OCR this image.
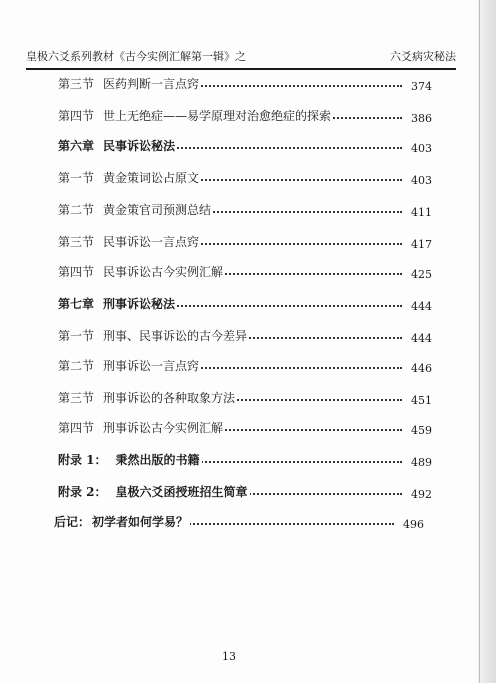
皇极六爻系列教材《古今实例汇解第一辑》之	六爻病灾秘法
第三节 医药判断一言点窍	374
第四节 世上无绝症——易学原理对治愈绝症的探索	386
第六章 民事诉讼秘法	403
第一节 黄金策词讼占原文	403
第二节 黄金策官司预测总结	411
第三节 民事诉讼一言点窍	417
第四节 民事诉讼古今实例汇解	425
第七章 刑事诉讼秘法	444
第一节 刑事、民事诉讼的古今差异	444
第二节 刑事诉讼一言点窍	446
第三节 刑事诉讼的各种取象方法	451
第四节 刑事诉讼古今实例汇解	459
附录 1： 秉然出版的书籍	489
附录 2： 皇极六爻函授班招生简章	492
后记： 初学者如何学易？	496
13
